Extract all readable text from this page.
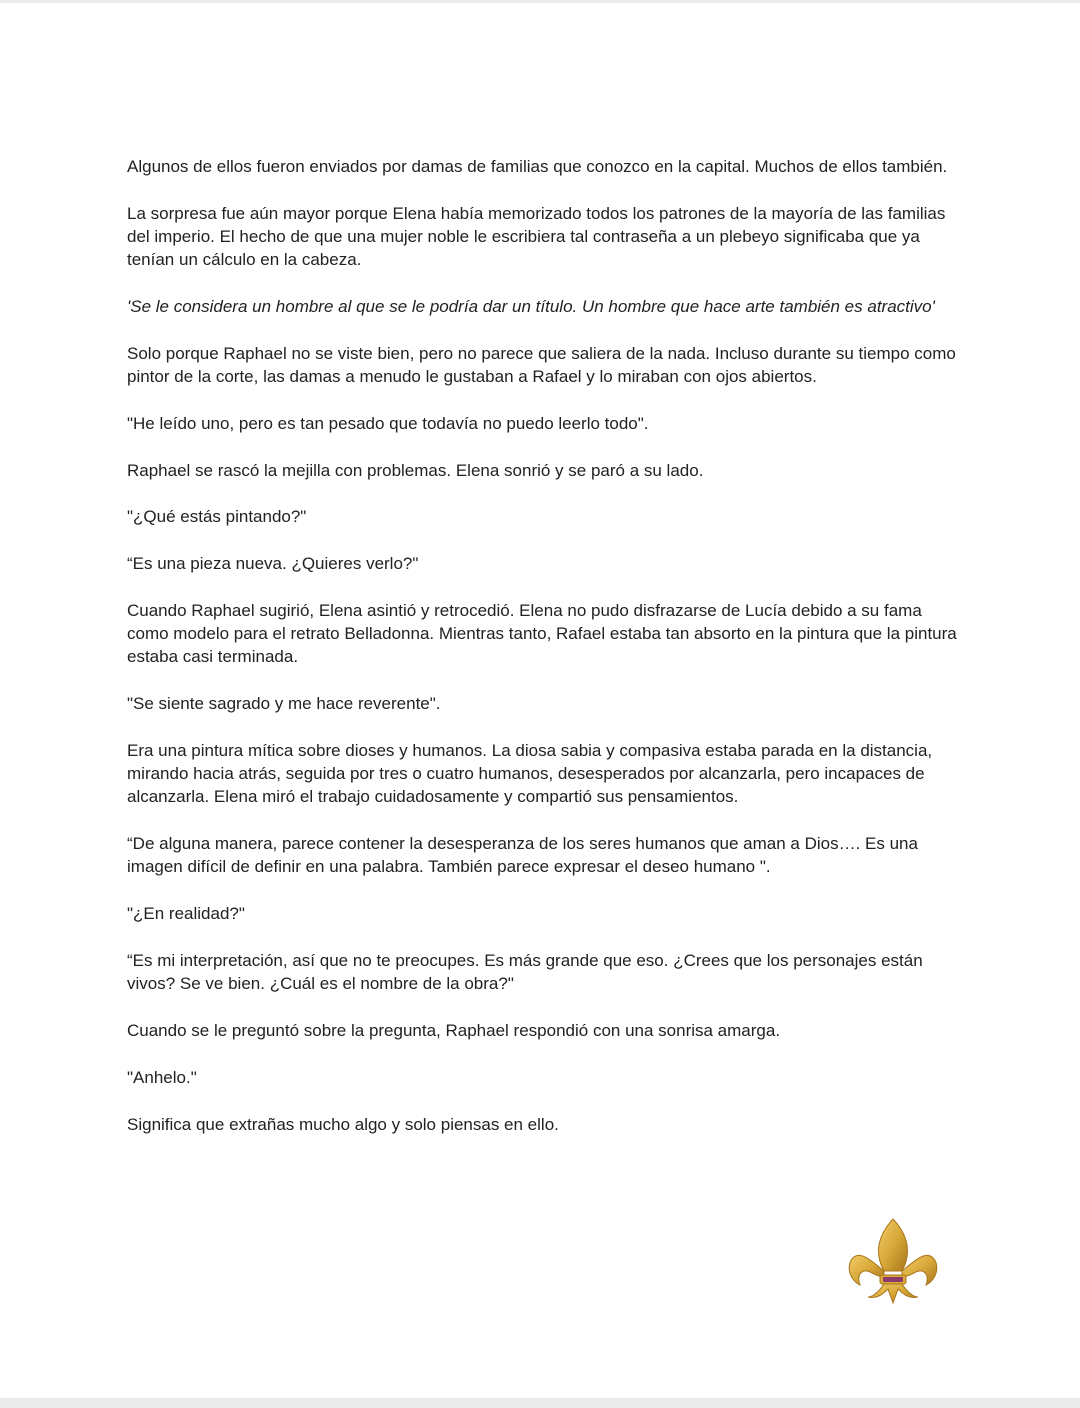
Algunos de ellos fueron enviados por damas de familias que conozco en la capital. Muchos de ellos también.

La sorpresa fue aún mayor porque Elena había memorizado todos los patrones de la mayoría de las familias del imperio. El hecho de que una mujer noble le escribiera tal contraseña a un plebeyo significaba que ya tenían un cálculo en la cabeza.

'Se le considera un hombre al que se le podría dar un título. Un hombre que hace arte también es atractivo'

Solo porque Raphael no se viste bien, pero no parece que saliera de la nada. Incluso durante su tiempo como pintor de la corte, las damas a menudo le gustaban a Rafael y lo miraban con ojos abiertos.

"He leído uno, pero es tan pesado que todavía no puedo leerlo todo".

Raphael se rascó la mejilla con problemas. Elena sonrió y se paró a su lado.

"¿Qué estás pintando?"

“Es una pieza nueva. ¿Quieres verlo?"

Cuando Raphael sugirió, Elena asintió y retrocedió. Elena no pudo disfrazarse de Lucía debido a su fama como modelo para el retrato Belladonna. Mientras tanto, Rafael estaba tan absorto en la pintura que la pintura estaba casi terminada.

"Se siente sagrado y me hace reverente".

Era una pintura mítica sobre dioses y humanos. La diosa sabia y compasiva estaba parada en la distancia, mirando hacia atrás, seguida por tres o cuatro humanos, desesperados por alcanzarla, pero incapaces de alcanzarla. Elena miró el trabajo cuidadosamente y compartió sus pensamientos.

“De alguna manera, parece contener la desesperanza de los seres humanos que aman a Dios…. Es una imagen difícil de definir en una palabra. También parece expresar el deseo humano ".

"¿En realidad?"

“Es mi interpretación, así que no te preocupes. Es más grande que eso. ¿Crees que los personajes están vivos? Se ve bien. ¿Cuál es el nombre de la obra?"

Cuando se le preguntó sobre la pregunta, Raphael respondió con una sonrisa amarga.

"Anhelo."

Significa que extrañas mucho algo y solo piensas en ello.
